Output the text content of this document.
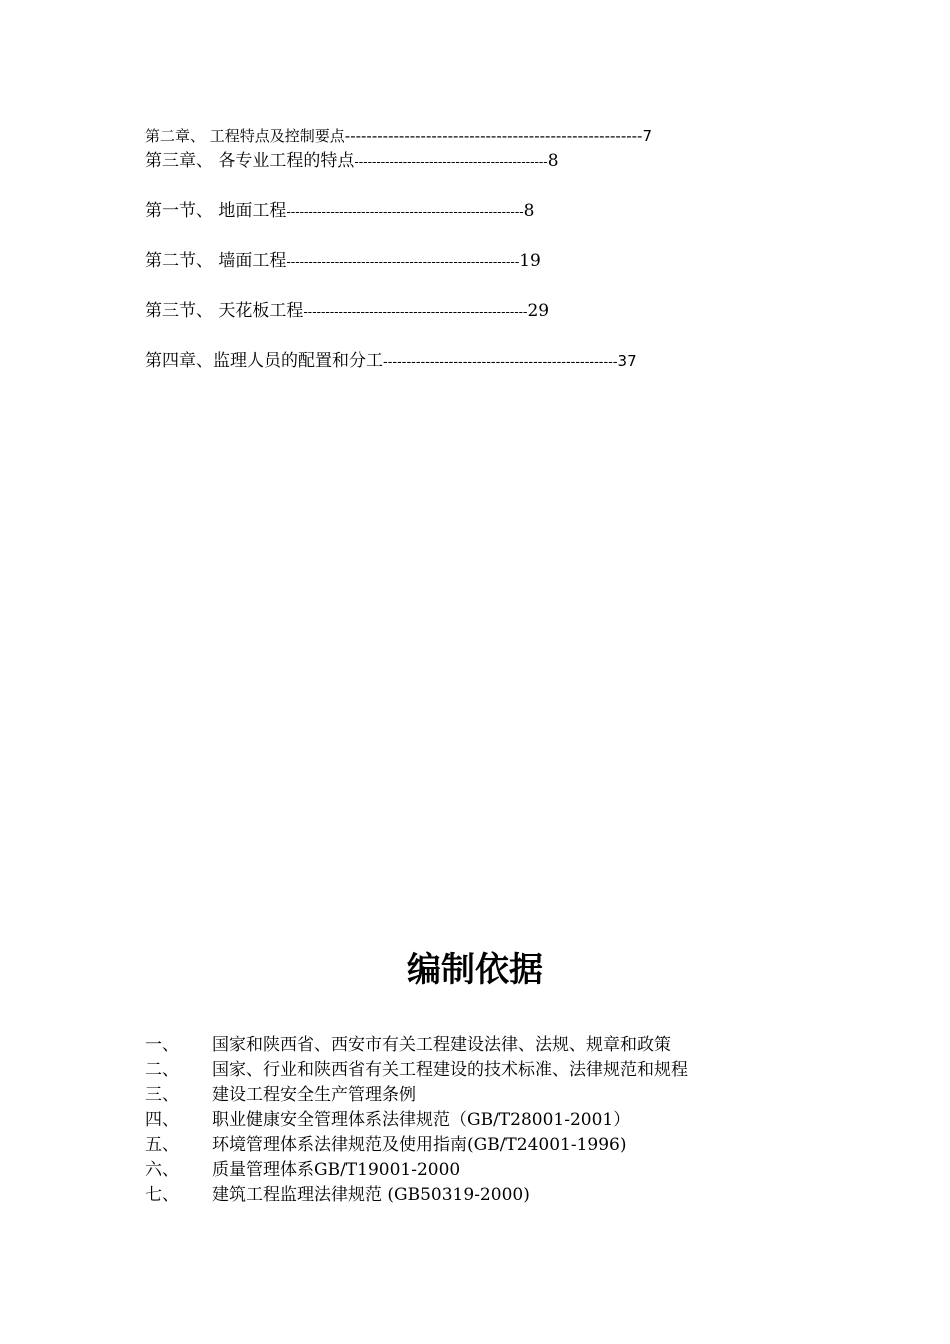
第二章、 工程特点及控制要点-------------------------------------------------------7
第三章、 各专业工程的特点--------------------------------------------8
第一节、 地面工程------------------------------------------------------8
第二节、 墙面工程-----------------------------------------------------19
第三节、 天花板工程---------------------------------------------------29
第四章、监理人员的配置和分工--------------------------------------------------37
编制依据
一、 国家和陕西省、西安市有关工程建设法律、法规、规章和政策
二、 国家、行业和陕西省有关工程建设的技术标准、法律规范和规程
三、 建设工程安全生产管理条例
四、 职业健康安全管理体系法律规范（GB/T28001-2001）
五、 环境管理体系法律规范及使用指南(GB/T24001-1996)
六、 质量管理体系GB/T19001-2000
七、 建筑工程监理法律规范 (GB50319-2000)
